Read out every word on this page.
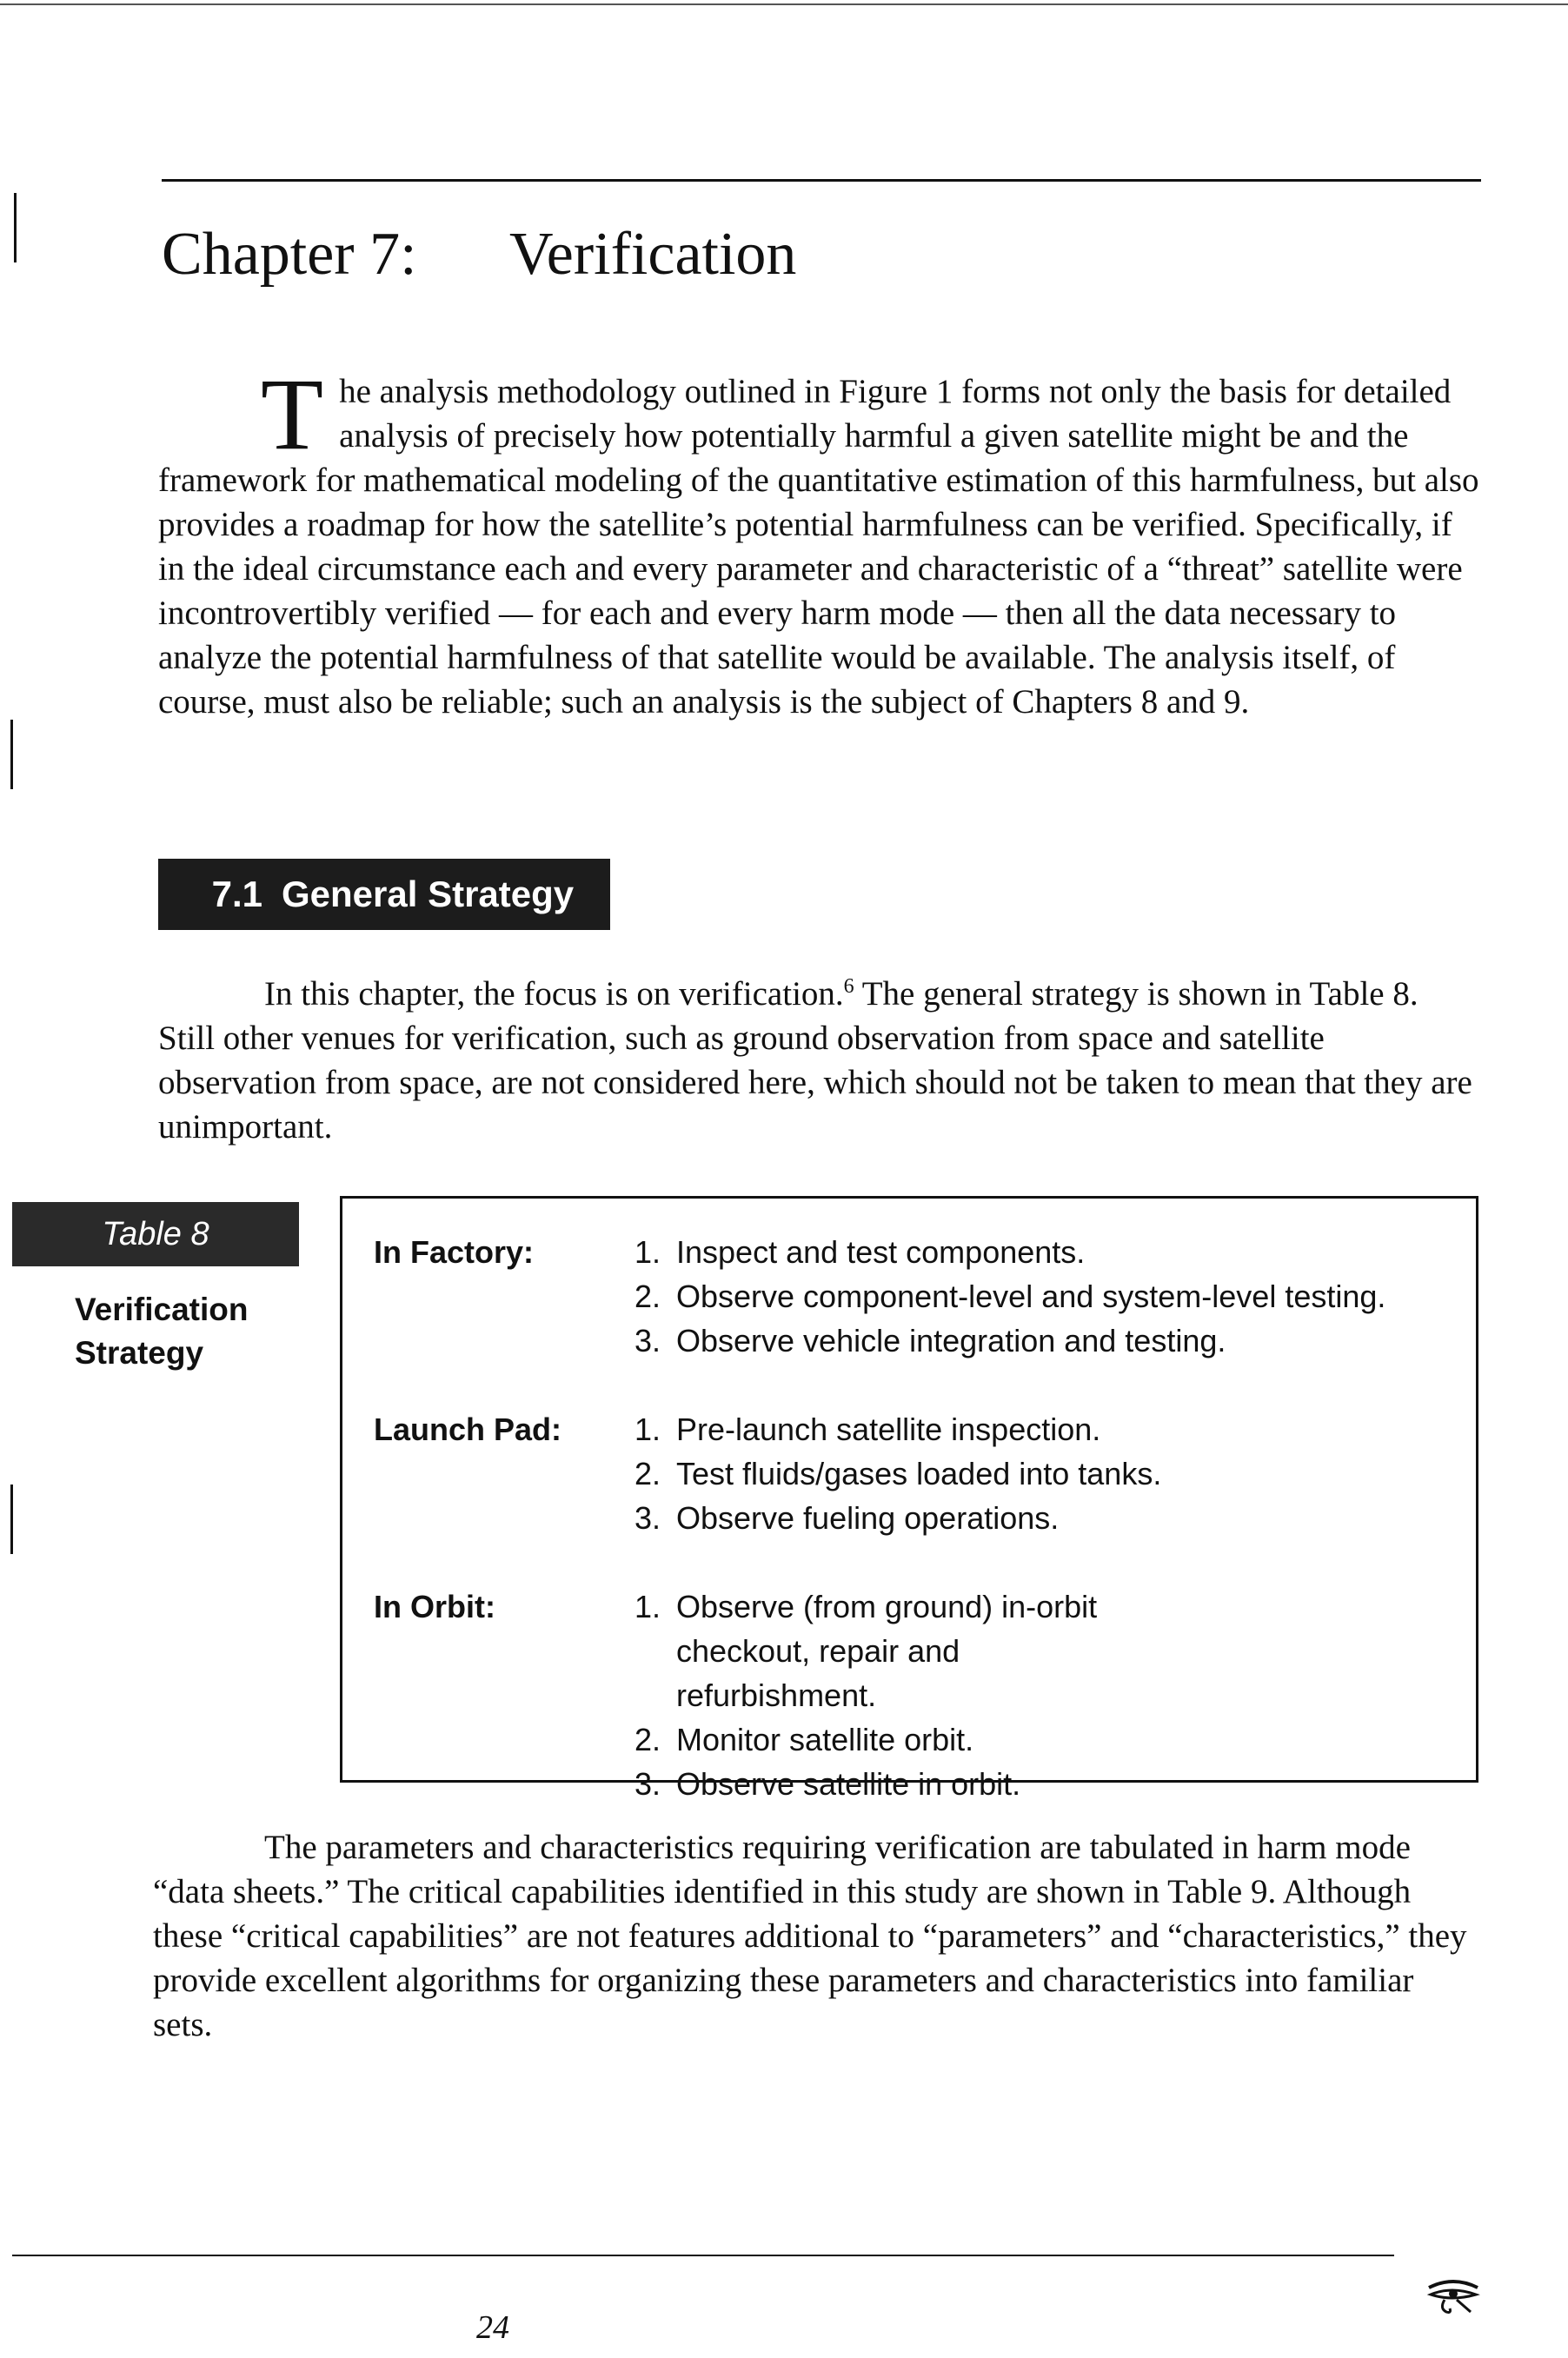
Chapter 7: Verification
T he analysis methodology outlined in Figure 1 forms not only the basis for detailed analysis of precisely how potentially harmful a given satellite might be and the framework for mathematical modeling of the quantitative estimation of this harmfulness, but also provides a roadmap for how the satellite’s potential harmfulness can be verified. Specifically, if in the ideal circumstance each and every parameter and characteristic of a “threat” satellite were incontrovertibly verified — for each and every harm mode — then all the data necessary to analyze the potential harmfulness of that satellite would be available. The analysis itself, of course, must also be reliable; such an analysis is the subject of Chapters 8 and 9.
7.1 General Strategy
In this chapter, the focus is on verification.$^6$ The general strategy is shown in Table 8. Still other venues for verification, such as ground observation from space and satellite observation from space, are not considered here, which should not be taken to mean that they are unimportant.
Table 8
Verification
Strategy
In Factory:	1. Inspect and test components.
2. Observe component-level and system-level testing.
3. Observe vehicle integration and testing.
Launch Pad: 1. Pre-launch satellite inspection.
2. Test fluids/gases loaded into tanks.
3. Observe fueling operations.
In Orbit:	1. Observe (from ground) in-orbit checkout, repair and refurbishment.
2. Monitor satellite orbit.
3. Observe satellite in orbit.
The parameters and characteristics requiring verification are tabulated in harm mode “data sheets.” The critical capabilities identified in this study are shown in Table 9. Although these “critical capabilities” are not features additional to “parameters” and “characteristics,” they provide excellent algorithms for organizing these parameters and characteristics into familiar sets.
24
